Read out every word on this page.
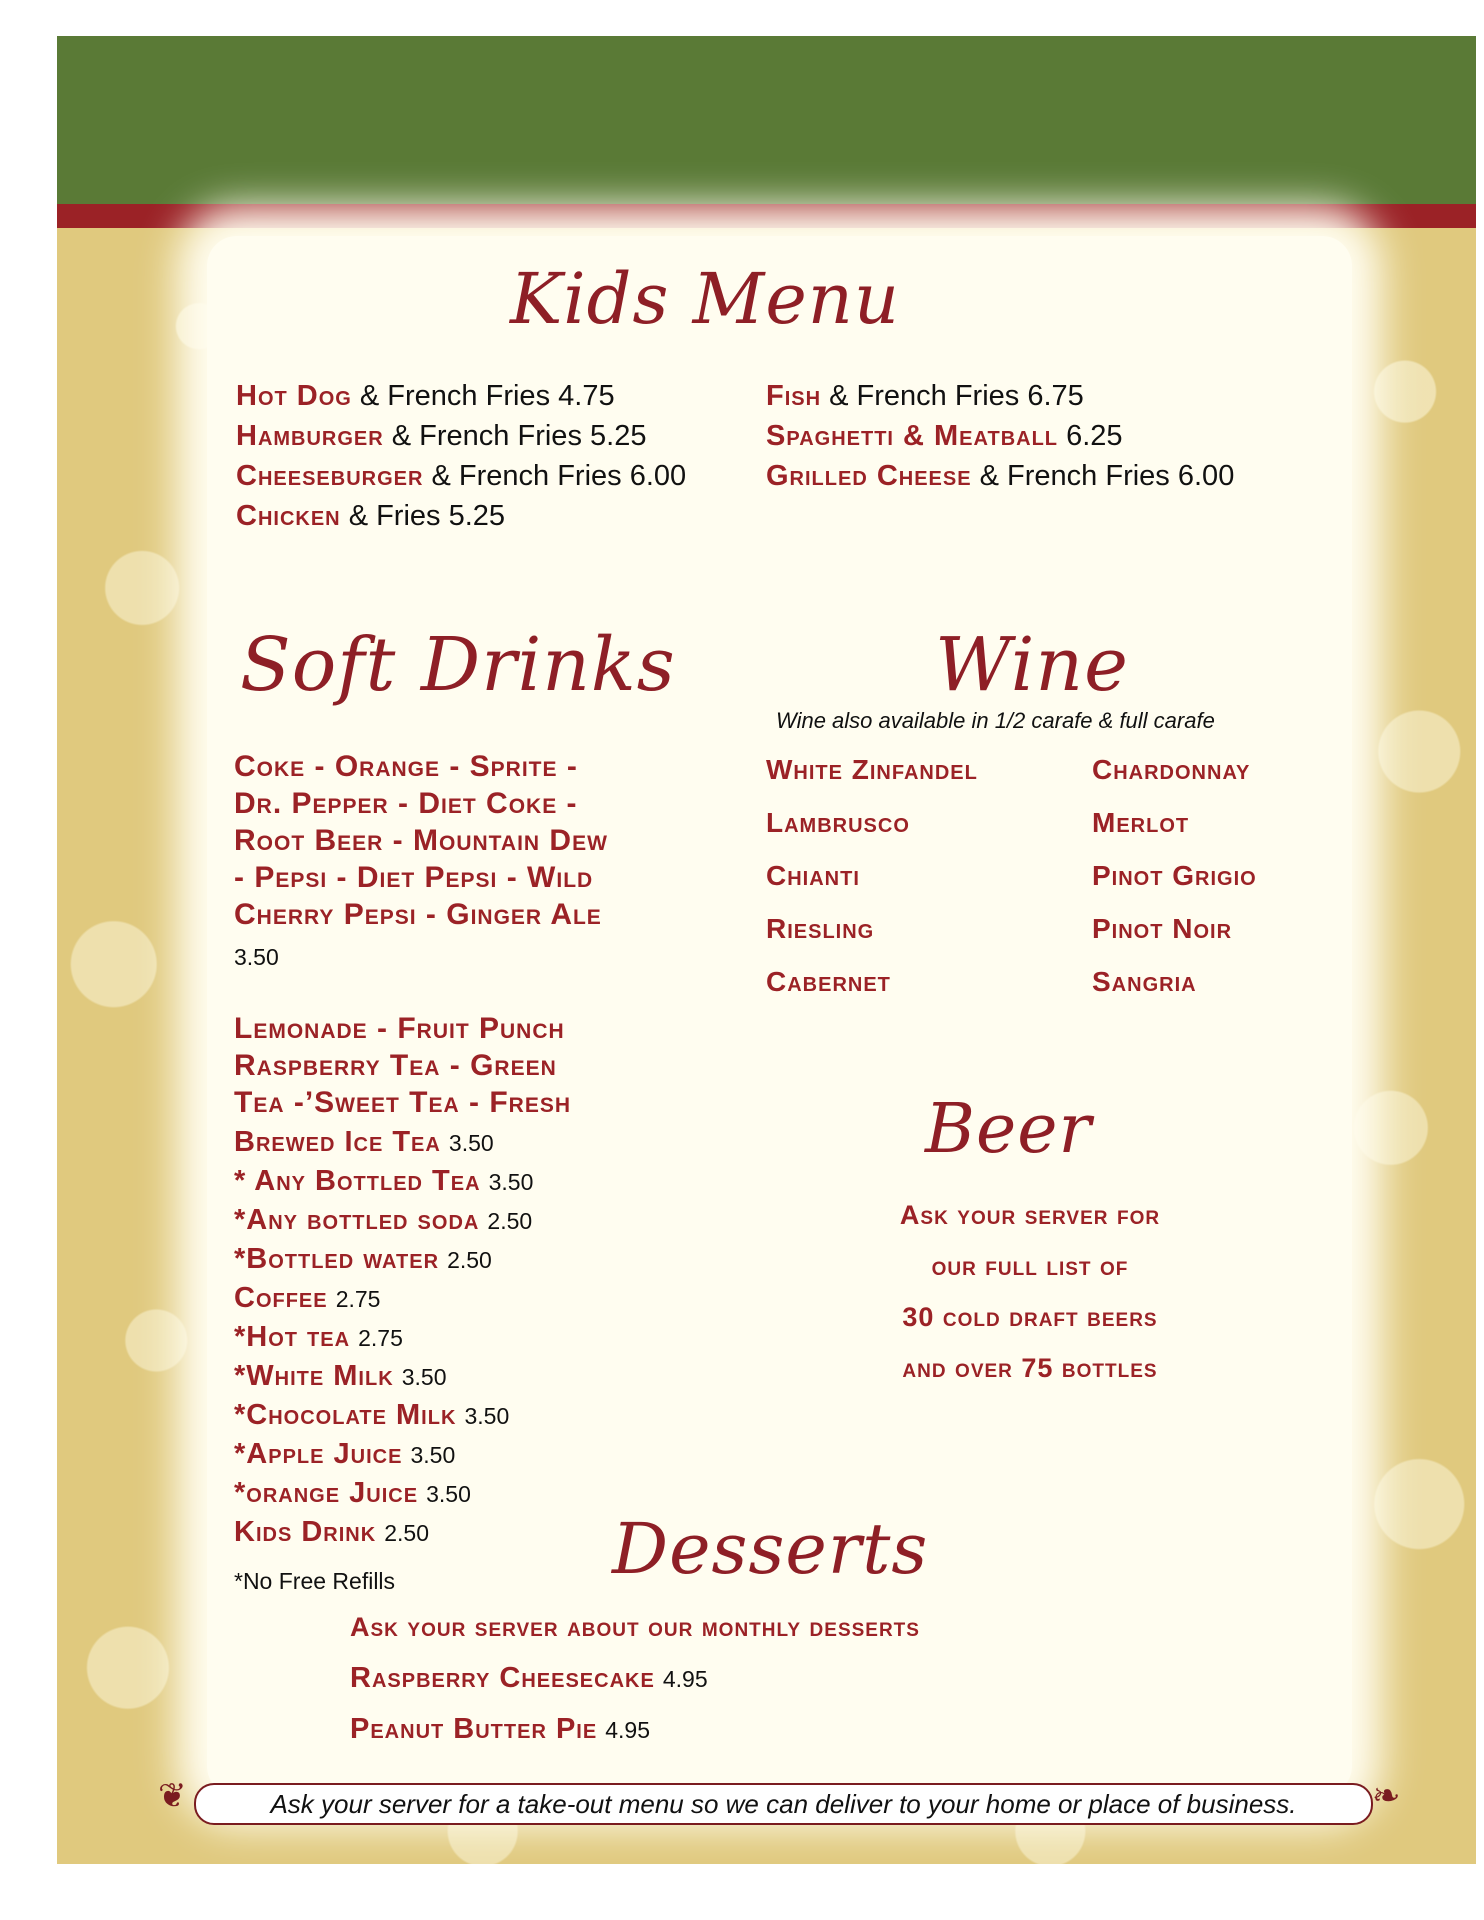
Kids Menu
Hot Dog & French Fries 4.75
Hamburger & French Fries 5.25
Cheeseburger & French Fries 6.00
Chicken & Fries 5.25
Fish & French Fries 6.75
Spaghetti & Meatball 6.25
Grilled Cheese & French Fries 6.00
Soft Drinks
Coke - Orange - Sprite -
Dr. Pepper - Diet Coke -
Root Beer - Mountain Dew
- Pepsi - Diet Pepsi - Wild
Cherry Pepsi - Ginger Ale
3.50
Lemonade - Fruit Punch
Raspberry Tea - Green
Tea -’Sweet Tea - Fresh
Brewed Ice Tea 3.50
* Any Bottled Tea 3.50
*Any bottled soda 2.50
*Bottled water 2.50
Coffee 2.75
*Hot tea 2.75
*White Milk 3.50
*Chocolate Milk 3.50
*Apple Juice 3.50
*orange Juice 3.50
Kids Drink 2.50
*No Free Refills
Wine
Wine also available in 1/2 carafe & full carafe
White Zinfandel
Lambrusco
Chianti
Riesling
Cabernet
Chardonnay
Merlot
Pinot Grigio
Pinot Noir
Sangria
Beer
Ask your server for
our full list of
30 cold draft beers
and over 75 bottles
Desserts
Ask your server about our monthly desserts
Raspberry Cheesecake 4.95
Peanut Butter Pie 4.95
❦	Ask your server for a take-out menu so we can deliver to your home or place of business.	❧
